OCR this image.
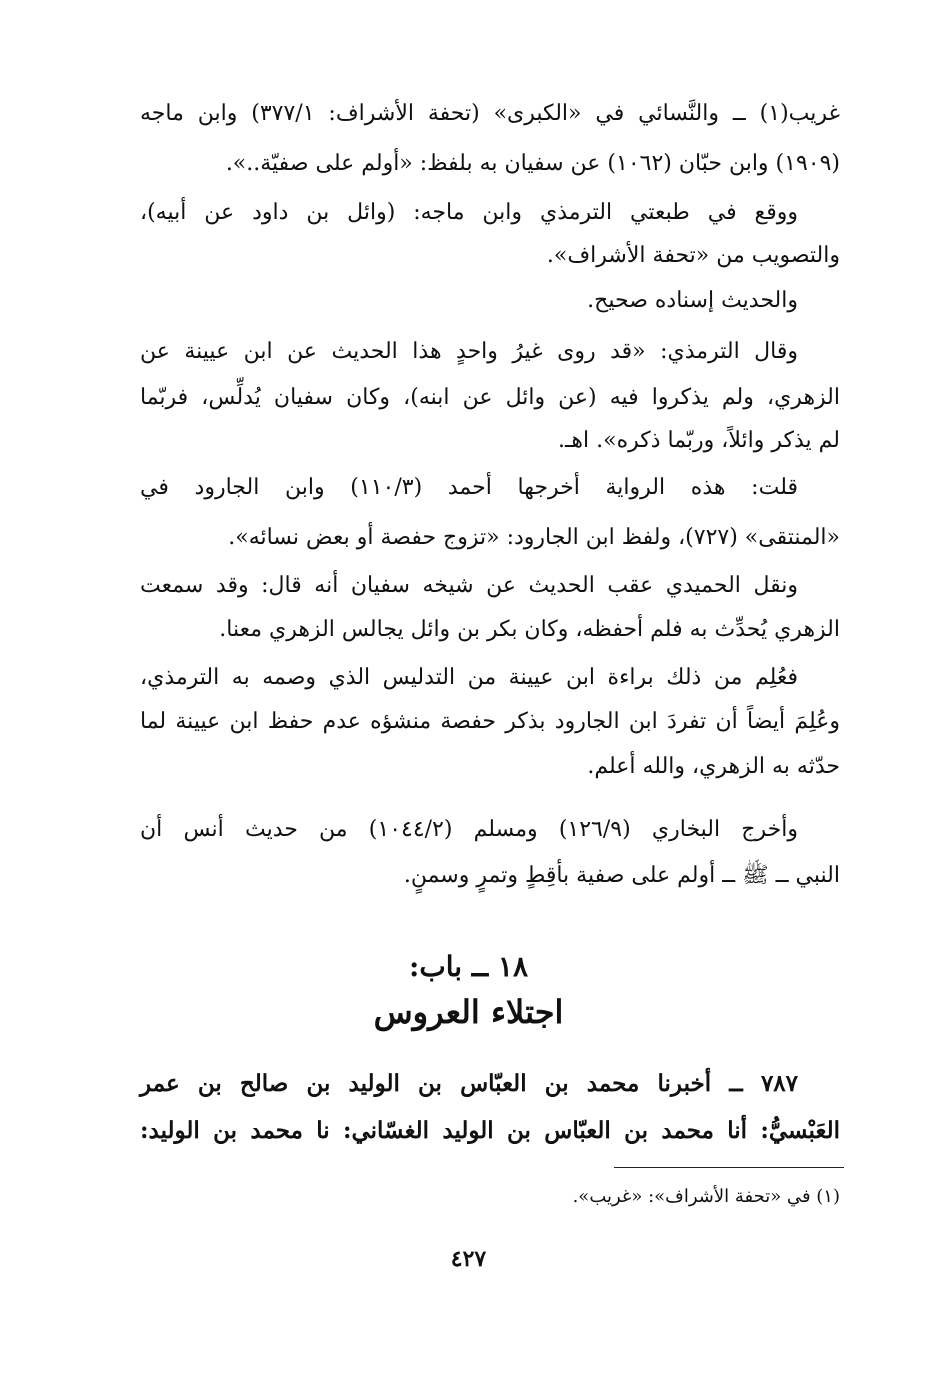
غريب(١) ــ والنَّسائي في «الكبرى» (تحفة الأشراف: ٣٧٧/١) وابن ماجه
(١٩٠٩) وابن حبّان (١٠٦٢) عن سفيان به بلفظ: «أولم على صفيّة..».
ووقع في طبعتي الترمذي وابن ماجه: (وائل بن داود عن أبيه)،
والتصويب من «تحفة الأشراف».
والحديث إسناده صحيح.
وقال الترمذي: «قد روى غيرُ واحدٍ هذا الحديث عن ابن عيينة عن
الزهري، ولم يذكروا فيه (عن وائل عن ابنه)، وكان سفيان يُدلِّس، فربّما
لم يذكر وائلاً، وربّما ذكره». اهـ.
قلت: هذه الرواية أخرجها أحمد (١١٠/٣) وابن الجارود في
«المنتقى» (٧٢٧)، ولفظ ابن الجارود: «تزوج حفصة أو بعض نسائه».
ونقل الحميدي عقب الحديث عن شيخه سفيان أنه قال: وقد سمعت
الزهري يُحدِّث به فلم أحفظه، وكان بكر بن وائل يجالس الزهري معنا.
فعُلِم من ذلك براءة ابن عيينة من التدليس الذي وصمه به الترمذي،
وعُلِمَ أيضاً أن تفردَ ابن الجارود بذكر حفصة منشؤه عدم حفظ ابن عيينة لما
حدّثه به الزهري، والله أعلم.
وأخرج البخاري (١٢٦/٩) ومسلم (١٠٤٤/٢) من حديث أنس أن
النبي ــ ﷺ ــ أولم على صفية بأقِطٍ وتمرٍ وسمنٍ.
١٨ ــ باب:
اجتلاء العروس
٧٨٧ ــ أخبرنا محمد بن العبّاس بن الوليد بن صالح بن عمر
العَبْسيُّ: أنا محمد بن العبّاس بن الوليد الغسّاني: نا محمد بن الوليد:
(١) في «تحفة الأشراف»: «غريب».
٤٢٧
